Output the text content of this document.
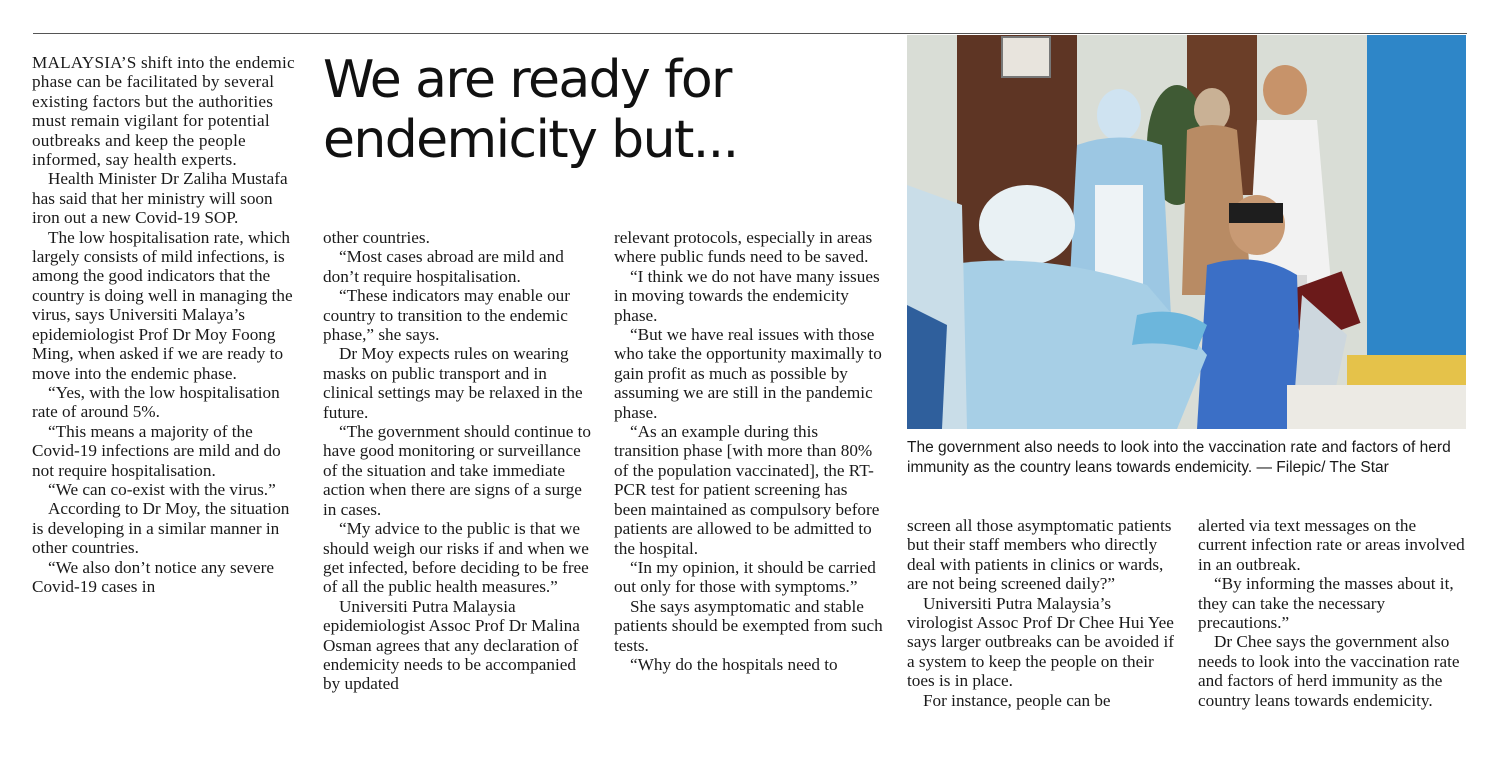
MALAYSIA’S shift into the endemic phase can be facilitated by several existing factors but the authorities must remain vigilant for potential outbreaks and keep the people informed, say health experts.

Health Minister Dr Zaliha Mustafa has said that her ministry will soon iron out a new Covid-19 SOP.

The low hospitalisation rate, which largely consists of mild infections, is among the good indicators that the country is doing well in managing the virus, says Universiti Malaya’s epidemiologist Prof Dr Moy Foong Ming, when asked if we are ready to move into the endemic phase.

“Yes, with the low hospitalisation rate of around 5%.

“This means a majority of the Covid-19 infections are mild and do not require hospitalisation.

“We can co-exist with the virus.”

According to Dr Moy, the situation is developing in a similar manner in other countries.

“We also don’t notice any severe Covid-19 cases in

We are ready for endemicity but...

other countries.

“Most cases abroad are mild and don’t require hospitalisation.

“These indicators may enable our country to transition to the endemic phase,” she says.

Dr Moy expects rules on wearing masks on public transport and in clinical settings may be relaxed in the future.

“The government should continue to have good monitoring or surveillance of the situation and take immediate action when there are signs of a surge in cases.

“My advice to the public is that we should weigh our risks if and when we get infected, before deciding to be free of all the public health measures.”

Universiti Putra Malaysia epidemiologist Assoc Prof Dr Malina Osman agrees that any declaration of endemicity needs to be accompanied by updated

relevant protocols, especially in areas where public funds need to be saved.

“I think we do not have many issues in moving towards the endemicity phase.

“But we have real issues with those who take the opportunity maximally to gain profit as much as possible by assuming we are still in the pandemic phase.

“As an example during this transition phase [with more than 80% of the population vaccinated], the RT-PCR test for patient screening has been maintained as compulsory before patients are allowed to be admitted to the hospital.

“In my opinion, it should be carried out only for those with symptoms.”

She says asymptomatic and stable patients should be exempted from such tests.

“Why do the hospitals need to

The government also needs to look into the vaccination rate and factors of herd immunity as the country leans towards endemicity. — Filepic/ The Star

screen all those asymptomatic patients but their staff members who directly deal with patients in clinics or wards, are not being screened daily?”

Universiti Putra Malaysia’s virologist Assoc Prof Dr Chee Hui Yee says larger outbreaks can be avoided if a system to keep the people on their toes is in place.

For instance, people can be

alerted via text messages on the current infection rate or areas involved in an outbreak.

“By informing the masses about it, they can take the necessary precautions.”

Dr Chee says the government also needs to look into the vaccination rate and factors of herd immunity as the country leans towards endemicity.
